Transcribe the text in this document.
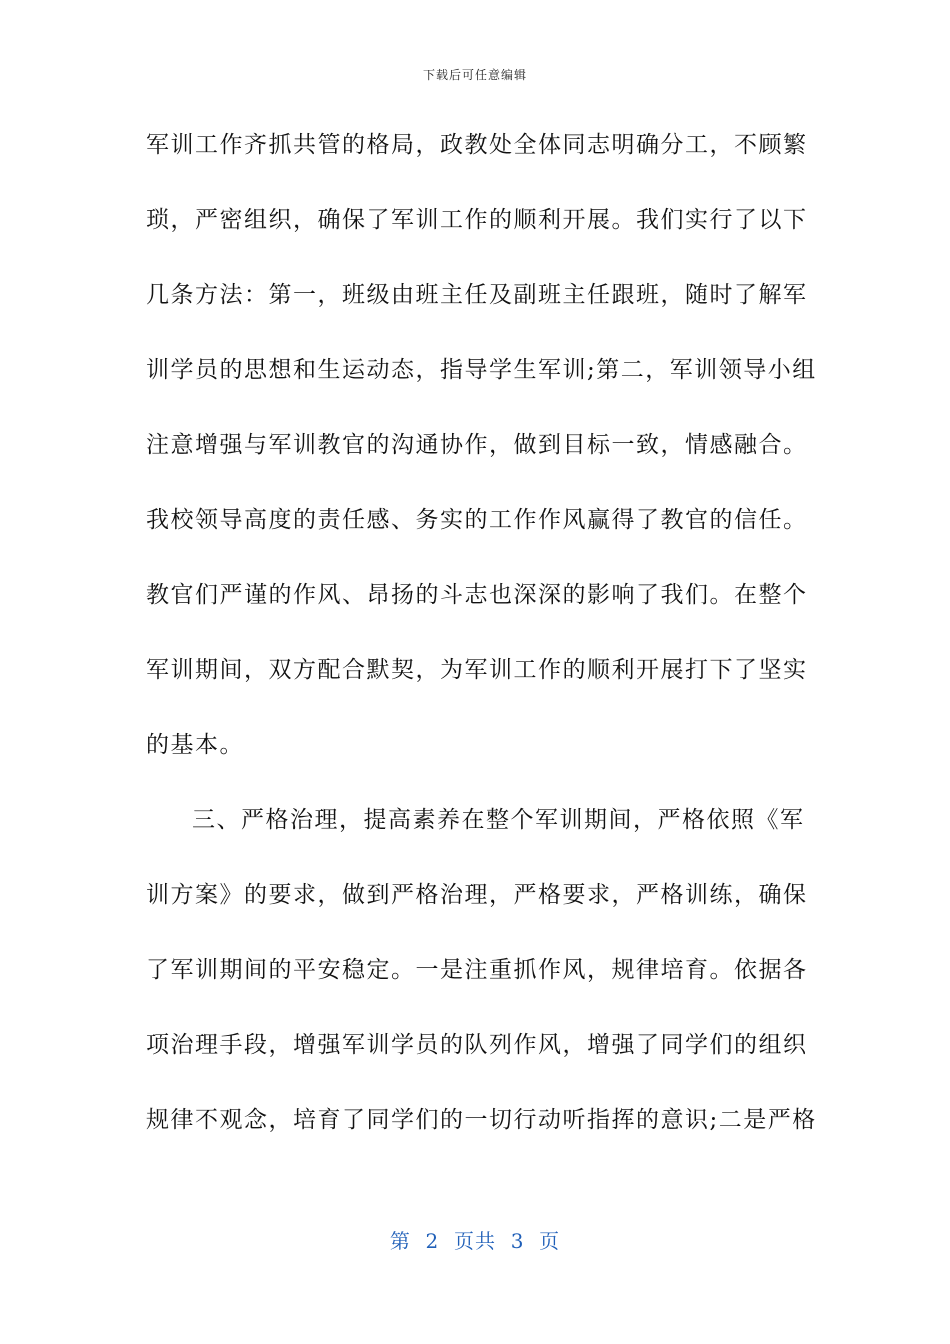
下载后可任意编辑
军训工作齐抓共管的格局，政教处全体同志明确分工，不顾繁
琐，严密组织，确保了军训工作的顺利开展。我们实行了以下
几条方法：第一，班级由班主任及副班主任跟班，随时了解军
训学员的思想和生运动态，指导学生军训;第二，军训领导小组
注意增强与军训教官的沟通协作，做到目标一致，情感融合。
我校领导高度的责任感、务实的工作作风赢得了教官的信任。
教官们严谨的作风、昂扬的斗志也深深的影响了我们。在整个
军训期间，双方配合默契，为军训工作的顺利开展打下了坚实
的基本。
三、严格治理，提高素养在整个军训期间，严格依照《军
训方案》的要求，做到严格治理，严格要求，严格训练，确保
了军训期间的平安稳定。一是注重抓作风，规律培育。依据各
项治理手段，增强军训学员的队列作风，增强了同学们的组织
规律不观念，培育了同学们的一切行动听指挥的意识;二是严格
第  2  页共  3  页
